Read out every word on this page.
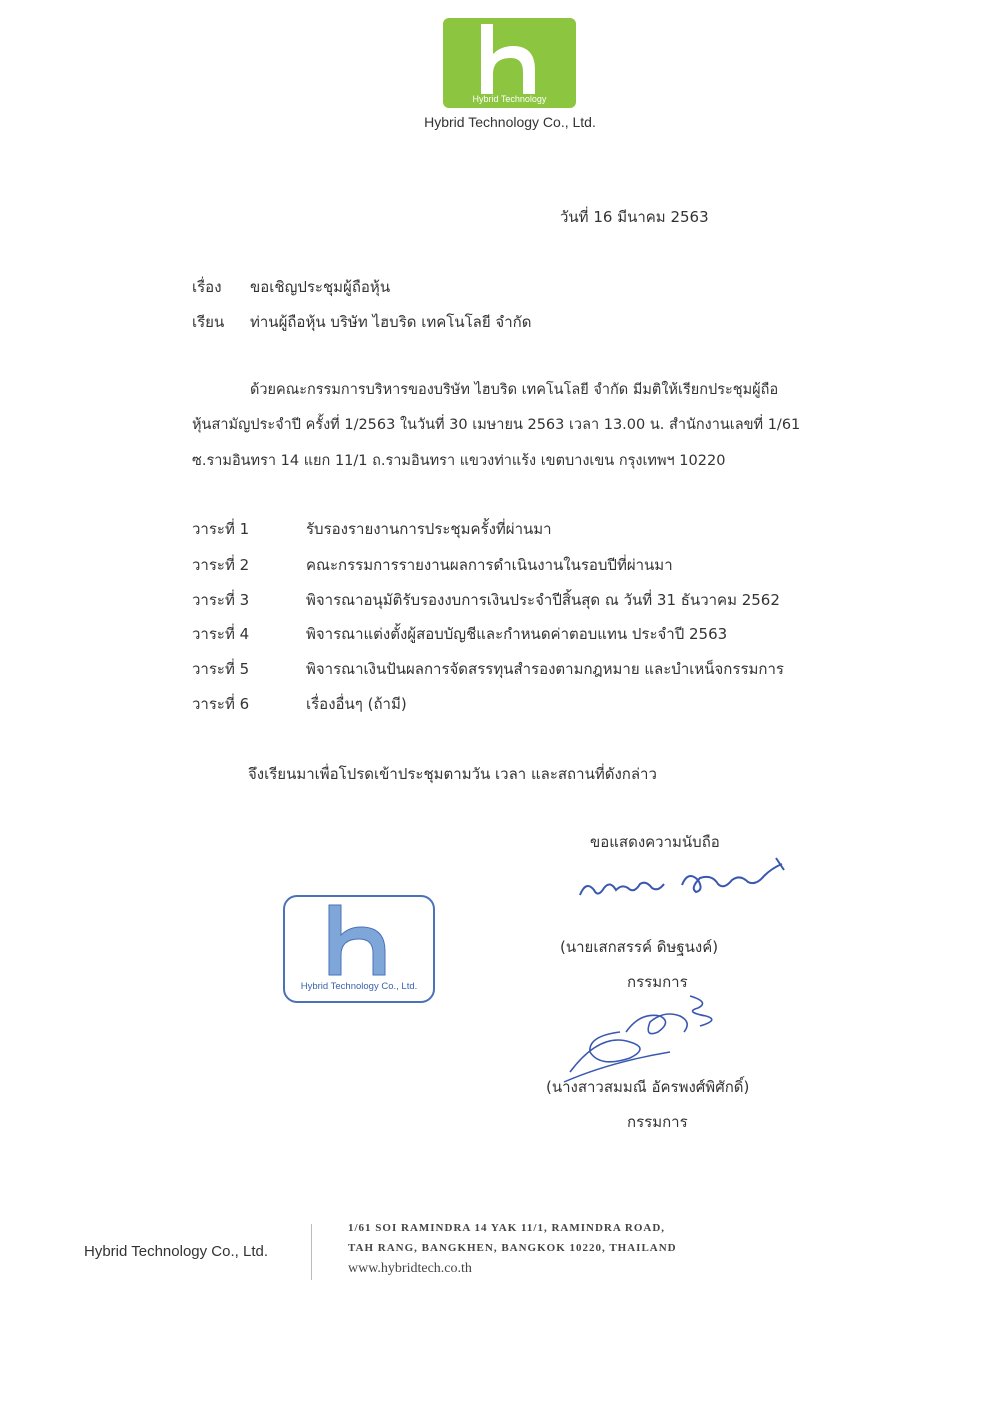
Hybrid Technology
Hybrid Technology Co., Ltd.
วันที่ 16 มีนาคม 2563
เรื่อง ขอเชิญประชุมผู้ถือหุ้น
เรียน ท่านผู้ถือหุ้น บริษัท ไฮบริด เทคโนโลยี จำกัด
ด้วยคณะกรรมการบริหารของบริษัท ไฮบริด เทคโนโลยี จำกัด มีมติให้เรียกประชุมผู้ถือ
หุ้นสามัญประจำปี ครั้งที่ 1/2563 ในวันที่ 30 เมษายน 2563 เวลา 13.00 น. สำนักงานเลขที่ 1/61
ซ.รามอินทรา 14 แยก 11/1 ถ.รามอินทรา แขวงท่าแร้ง เขตบางเขน กรุงเทพฯ 10220
วาระที่ 1	รับรองรายงานการประชุมครั้งที่ผ่านมา
วาระที่ 2	คณะกรรมการรายงานผลการดำเนินงานในรอบปีที่ผ่านมา
วาระที่ 3	พิจารณาอนุมัติรับรองงบการเงินประจำปีสิ้นสุด ณ วันที่ 31 ธันวาคม 2562
วาระที่ 4	พิจารณาแต่งตั้งผู้สอบบัญชีและกำหนดค่าตอบแทน ประจำปี 2563
วาระที่ 5	พิจารณาเงินปันผลการจัดสรรทุนสำรองตามกฎหมาย และบำเหน็จกรรมการ
วาระที่ 6	เรื่องอื่นๆ (ถ้ามี)
จึงเรียนมาเพื่อโปรดเข้าประชุมตามวัน เวลา และสถานที่ดังกล่าว
ขอแสดงความนับถือ
(นายเสกสรรค์ ดิษฐนงค์)
กรรมการ
(นางสาวสมมณี อัครพงศ์พิศักดิ์)
กรรมการ
Hybrid Technology Co., Ltd.
Hybrid Technology Co., Ltd.
1/61 SOI RAMINDRA 14 YAK 11/1, RAMINDRA ROAD,
TAH RANG, BANGKHEN, BANGKOK 10220, THAILAND
www.hybridtech.co.th
